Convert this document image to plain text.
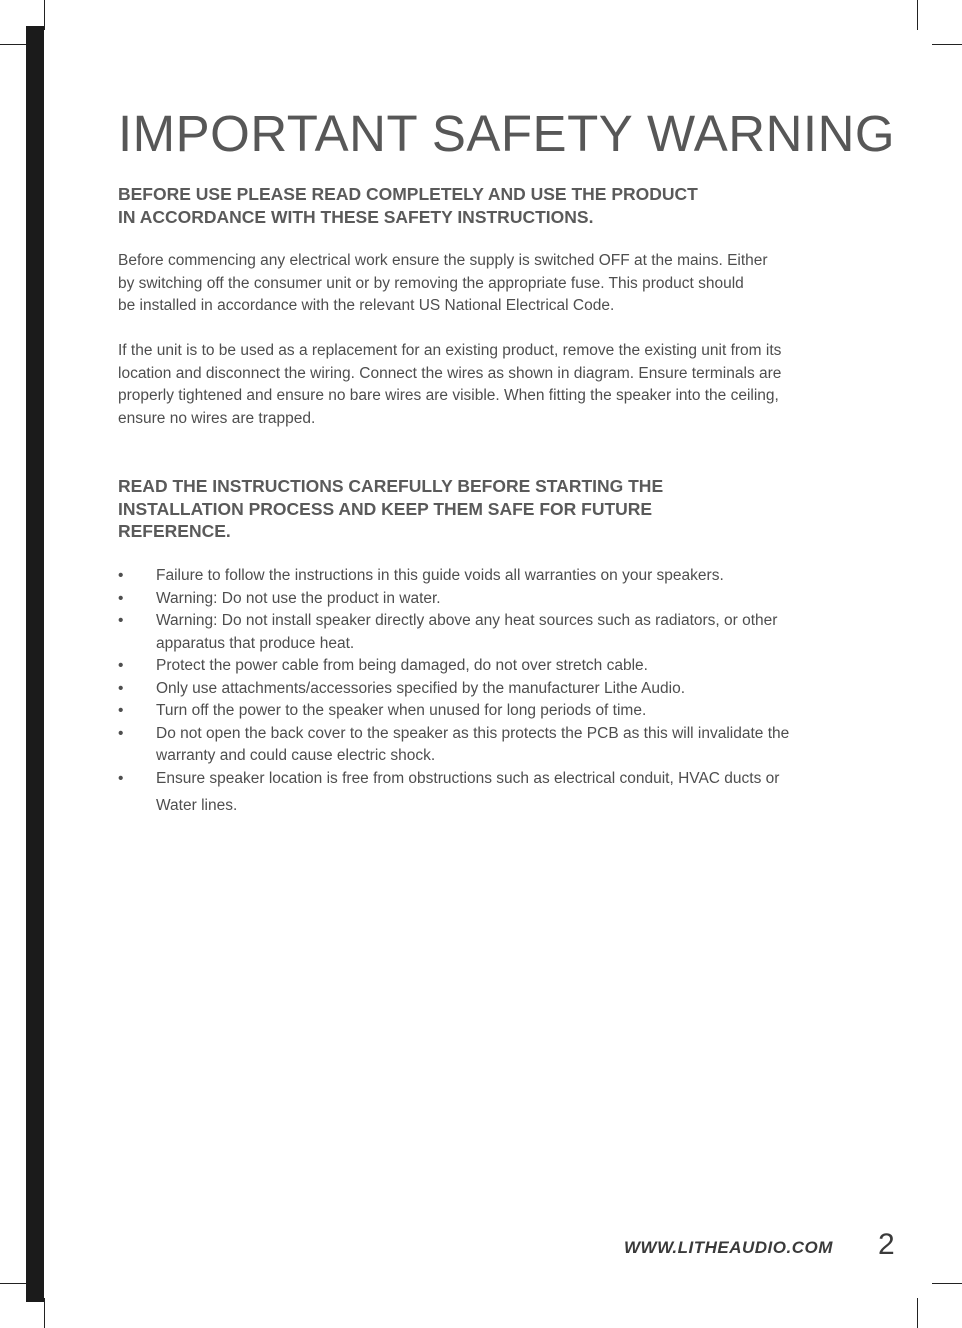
IMPORTANT SAFETY WARNING
BEFORE USE PLEASE READ COMPLETELY AND USE THE PRODUCT
IN ACCORDANCE WITH THESE SAFETY INSTRUCTIONS.

Before commencing any electrical work ensure the supply is switched OFF at the mains. Either
by switching off the consumer unit or by removing the appropriate fuse. This product should
be installed in accordance with the relevant US National Electrical Code.

If the unit is to be used as a replacement for an existing product, remove the existing unit from its
location and disconnect the wiring. Connect the wires as shown in diagram. Ensure terminals are
properly tightened and ensure no bare wires are visible. When fitting the speaker into the ceiling,
ensure no wires are trapped.

READ THE INSTRUCTIONS CAREFULLY BEFORE STARTING THE
INSTALLATION PROCESS AND KEEP THEM SAFE FOR FUTURE
REFERENCE.
•	Failure to follow the instructions in this guide voids all warranties on your speakers.
•	Warning: Do not use the product in water.
•	Warning: Do not install speaker directly above any heat sources such as radiators, or other
apparatus that produce heat.
•	Protect the power cable from being damaged, do not over stretch cable.
•	Only use attachments/accessories specified by the manufacturer Lithe Audio.
•	Turn off the power to the speaker when unused for long periods of time.
•	Do not open the back cover to the speaker as this protects the PCB as this will invalidate the
warranty and could cause electric shock.
•	Ensure speaker location is free from obstructions such as electrical conduit, HVAC ducts or
Water lines.
WWW.LITHEAUDIO.COM 2
